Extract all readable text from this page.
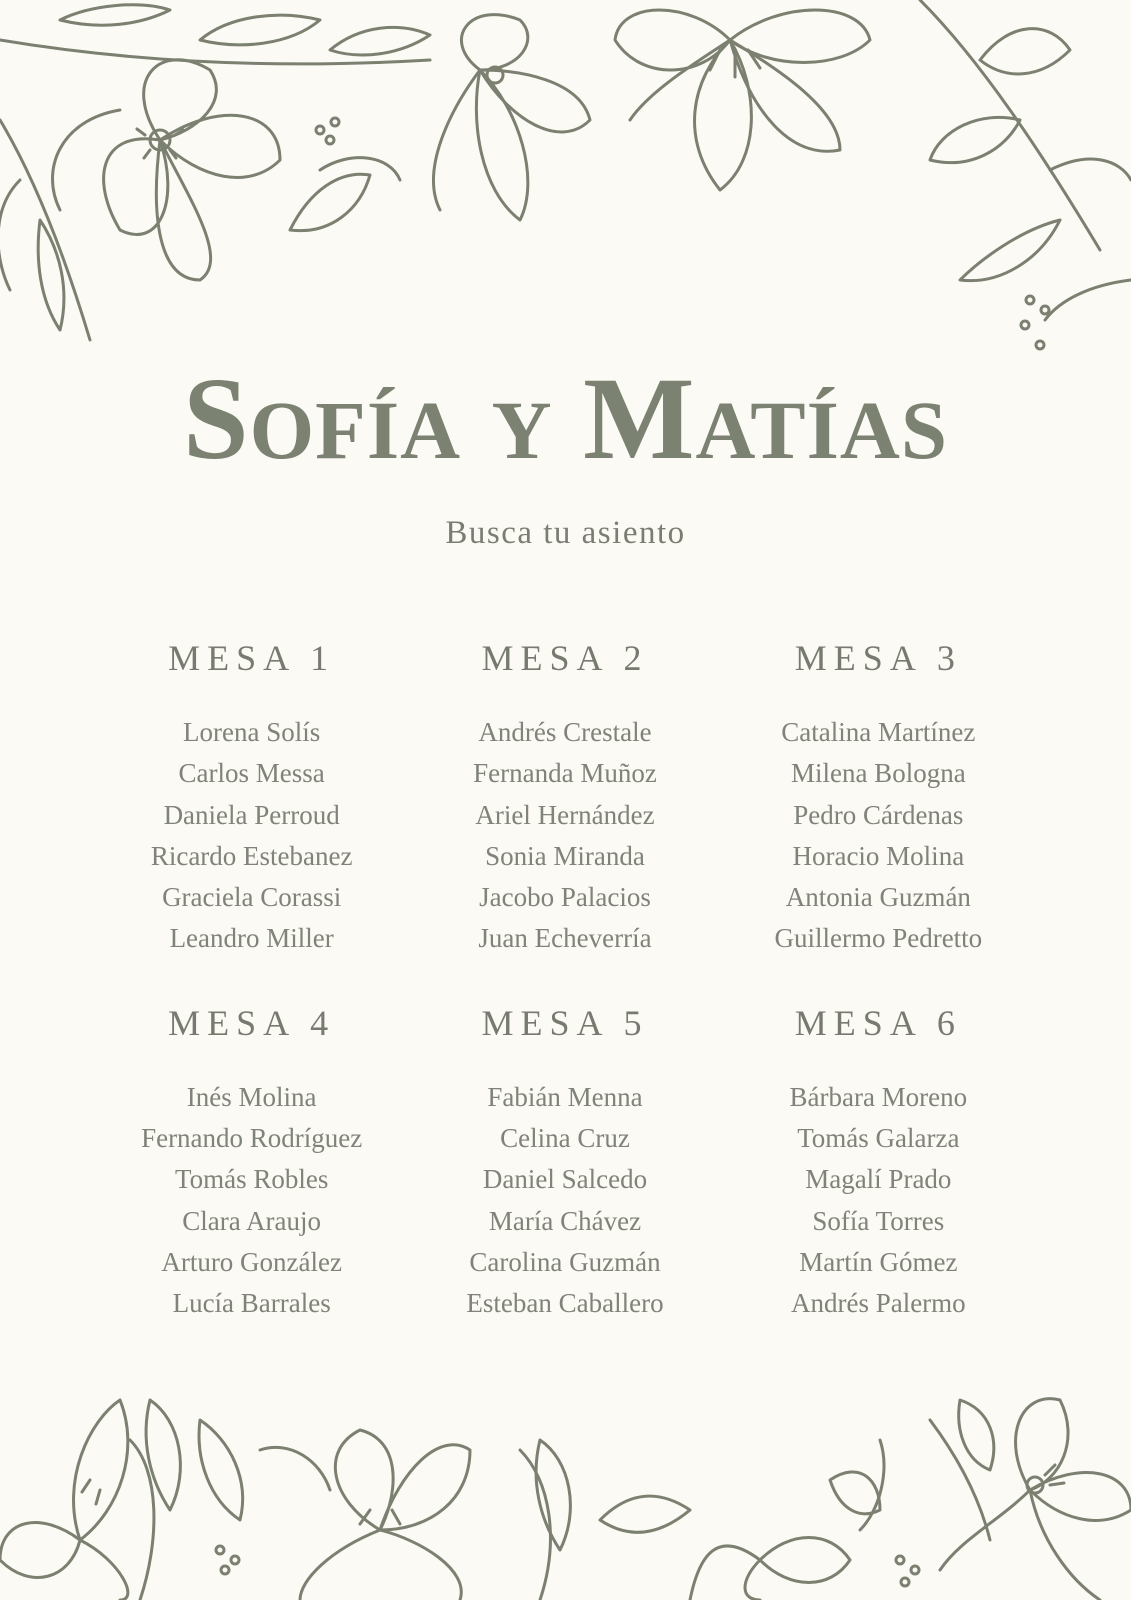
Sofía y Matías
Busca tu asiento
MESA 1
Lorena Solís
Carlos Messa
Daniela Perroud
Ricardo Estebanez
Graciela Corassi
Leandro Miller
MESA 2
Andrés Crestale
Fernanda Muñoz
Ariel Hernández
Sonia Miranda
Jacobo Palacios
Juan Echeverría
MESA 3
Catalina Martínez
Milena Bologna
Pedro Cárdenas
Horacio Molina
Antonia Guzmán
Guillermo Pedretto
MESA 4
Inés Molina
Fernando Rodríguez
Tomás Robles
Clara Araujo
Arturo González
Lucía Barrales
MESA 5
Fabián Menna
Celina Cruz
Daniel Salcedo
María Chávez
Carolina Guzmán
Esteban Caballero
MESA 6
Bárbara Moreno
Tomás Galarza
Magalí Prado
Sofía Torres
Martín Gómez
Andrés Palermo
